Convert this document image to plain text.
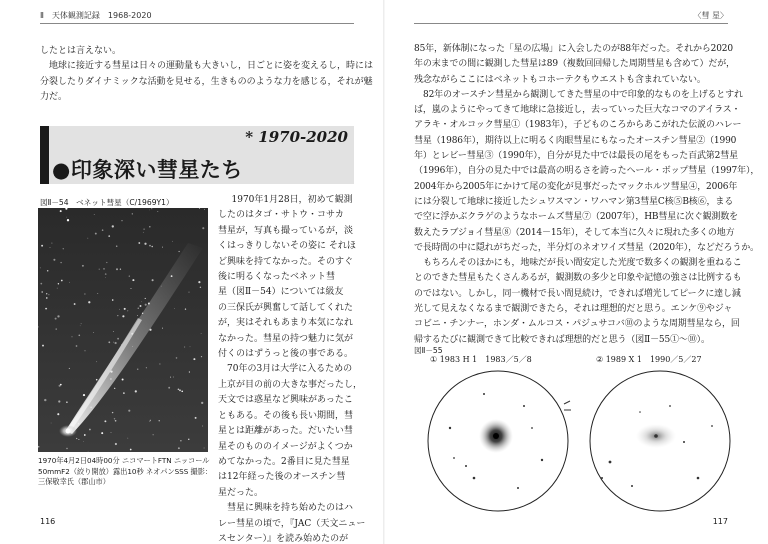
Ⅱ　天体観測記録　1968-2020
したとは言えない。
地球に接近する彗星は日々の運動量も大きいし，日ごとに姿を変えるし，時には
分裂したりダイナミックな活動を見せる，生きもののような力を感じる，それが魅
力だ。
* 1970-2020
●印象深い彗星たち
図Ⅱ－54　ベネット彗星（C/1969Y1）
1970年4月2日04時00分 ニコマートFTN ニッコール50mmF2（絞り開放）露出10秒 ネオパンSSS 撮影：三保敬幸氏（郡山市）
1970年1月28日，初めて観測
したのはタゴ・サトウ・コサカ
彗星が，写真も撮っているが，淡
くはっきりしないその姿に それほ
ど興味を持てなかった。そのすぐ
後に明るくなったベネット彗
星（図Ⅱ－54）については級友
の三保氏が興奮して話してくれた
が，実はそれもあまり本気になれ
なかった。彗星の持つ魅力に気が
付くのはずうっと後の事である。
70年の3月は大学に入るための
上京が目の前の大きな事だったし，
天文では惑星など興味があったこ
ともある。その後も長い期間，彗
星とは距離があった。だいたい彗
星そのもののイメージがよくつか
めてなかった。2番目に見た彗星
は12年経った後のオースチン彗
星だった。
彗星に興味を持ち始めたのはハ
レー彗星の頃で，『JAC（天文ニュー
スセンター）』を読み始めたのが
116
〈彗 星〉
85年，新体制になった「星の広場」に入会したのが88年だった。それから2020
年の末までの間に観測した彗星は89（複数回回帰した周期彗星も含めて）だが，
残念ながらここにはベネットもコホーテクもウエストも含まれていない。
82年のオースチン彗星から観測してきた彗星の中で印象的なものを上げるとすれ
ば，嵐のようにやってきて地球に急接近し，去っていった巨大なコマのアイラス・
アラキ・オルコック彗星①（1983年），子どものころからあこがれた伝説のハレー
彗星（1986年），期待以上に明るく肉眼彗星にもなったオースチン彗星②（1990
年）とレビー彗星③（1990年），自分が見た中では最長の尾をもった百武第2彗星
（1996年），自分の見た中では最高の明るさを誇ったヘール・ボップ彗星（1997年），
2004年から2005年にかけて尾の変化が見事だったマックホルツ彗星④，2006年
には分裂して地球に接近したシュワスマン・ワハマン第3彗星C核⑤B核⑥，まる
で空に浮かぶクラゲのようなホームズ彗星⑦（2007年），HB彗星に次ぐ観測数を
数えたラブジョイ彗星⑧（2014－15年），そして本当に久々に現れた多くの地方
で長時間の中に隠れがちだった，半分灯のネオワイズ彗星（2020年），などだろうか。
もちろんそのほかにも，地味だが長い間安定した光度で数多くの観測を重ねるこ
とのできた彗星もたくさんあるが，観測数の多少と印象や記憶の強さは比例するも
のではない。しかし，同一機材で長い間見続け，できれば増光してピークに達し減
光して見えなくなるまで観測できたら，それは理想的だと思う。エンケ⑨やジャ
コビニ・チンナー，ホンダ・ムルコス・パジュサコバ⑩のような周期彗星なら，回
帰するたびに観測できて比較できれば理想的だと思う（図Ⅱ－55①～⑩）。
図Ⅱ－55
① 1983 H 1　1983／5／8	② 1989 X 1　1990／5／27
117
